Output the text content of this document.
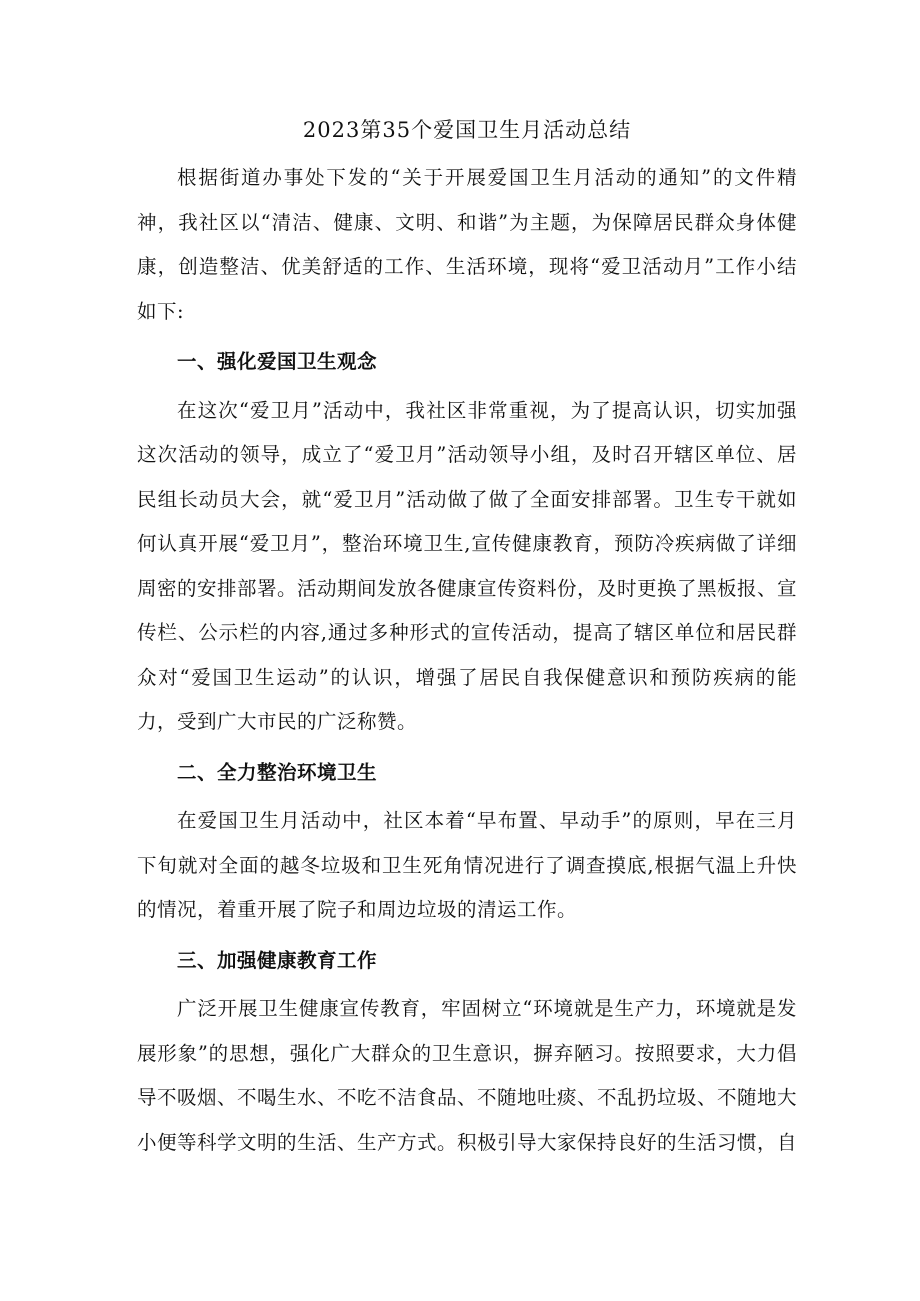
2023第35个爱国卫生月活动总结

根据街道办事处下发的“关于开展爱国卫生月活动的通知”的文件精神，我社区以“清洁、健康、文明、和谐”为主题，为保障居民群众身体健康，创造整洁、优美舒适的工作、生活环境，现将“爱卫活动月”工作小结如下:

一、强化爱国卫生观念

在这次“爱卫月”活动中，我社区非常重视，为了提高认识，切实加强这次活动的领导，成立了“爱卫月”活动领导小组，及时召开辖区单位、居民组长动员大会，就“爱卫月”活动做了做了全面安排部署。卫生专干就如何认真开展“爱卫月”，整治环境卫生,宣传健康教育，预防冷疾病做了详细周密的安排部署。活动期间发放各健康宣传资料份，及时更换了黑板报、宣传栏、公示栏的内容,通过多种形式的宣传活动，提高了辖区单位和居民群众对“爱国卫生运动”的认识，增强了居民自我保健意识和预防疾病的能力，受到广大市民的广泛称赞。

二、全力整治环境卫生

在爱国卫生月活动中，社区本着“早布置、早动手”的原则，早在三月下旬就对全面的越冬垃圾和卫生死角情况进行了调查摸底,根据气温上升快的情况，着重开展了院子和周边垃圾的清运工作。

三、加强健康教育工作

广泛开展卫生健康宣传教育，牢固树立“环境就是生产力，环境就是发展形象”的思想，强化广大群众的卫生意识，摒弃陋习。按照要求，大力倡导不吸烟、不喝生水、不吃不洁食品、不随地吐痰、不乱扔垃圾、不随地大小便等科学文明的生活、生产方式。积极引导大家保持良好的生活习惯，自
